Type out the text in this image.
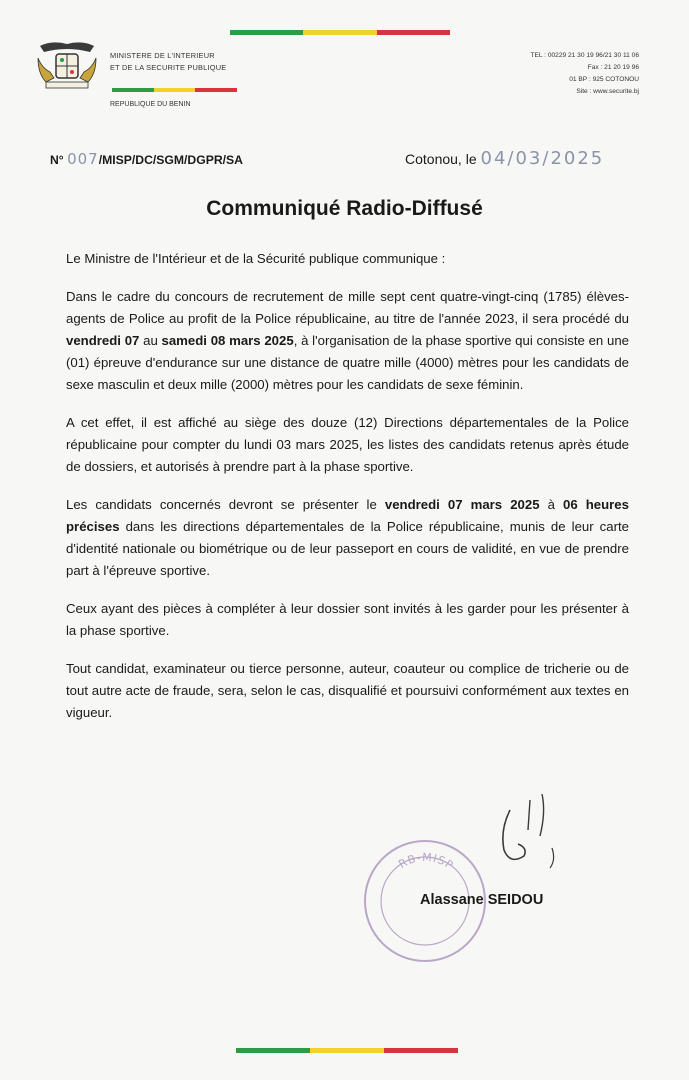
MINISTERE DE L'INTERIEUR
ET DE LA SECURITE PUBLIQUE
REPUBLIQUE DU BENIN
TEL : 00229 21 30 19 96/21 30 11 06
Fax : 21 20 19 96
01 BP : 925 COTONOU
Site : www.securite.bj
N° 007/MISP/DC/SGM/DGPR/SA	Cotonou, le 04/03/2025
Communiqué Radio-Diffusé

Le Ministre de l'Intérieur et de la Sécurité publique communique :

Dans le cadre du concours de recrutement de mille sept cent quatre-vingt-cinq (1785) élèves-agents de Police au profit de la Police républicaine, au titre de l'année 2023, il sera procédé du vendredi 07 au samedi 08 mars 2025, à l'organisation de la phase sportive qui consiste en une (01) épreuve d'endurance sur une distance de quatre mille (4000) mètres pour les candidats de sexe masculin et deux mille (2000) mètres pour les candidats de sexe féminin.

A cet effet, il est affiché au siège des douze (12) Directions départementales de la Police républicaine pour compter du lundi 03 mars 2025, les listes des candidats retenus après étude de dossiers, et autorisés à prendre part à la phase sportive.

Les candidats concernés devront se présenter le vendredi 07 mars 2025 à 06 heures précises dans les directions départementales de la Police républicaine, munis de leur carte d'identité nationale ou biométrique ou de leur passeport en cours de validité, en vue de prendre part à l'épreuve sportive.

Ceux ayant des pièces à compléter à leur dossier sont invités à les garder pour les présenter à la phase sportive.

Tout candidat, examinateur ou tierce personne, auteur, coauteur ou complice de tricherie ou de tout autre acte de fraude, sera, selon le cas, disqualifié et poursuivi conformément aux textes en vigueur.

RB-MISP
Alassane SEIDOU
